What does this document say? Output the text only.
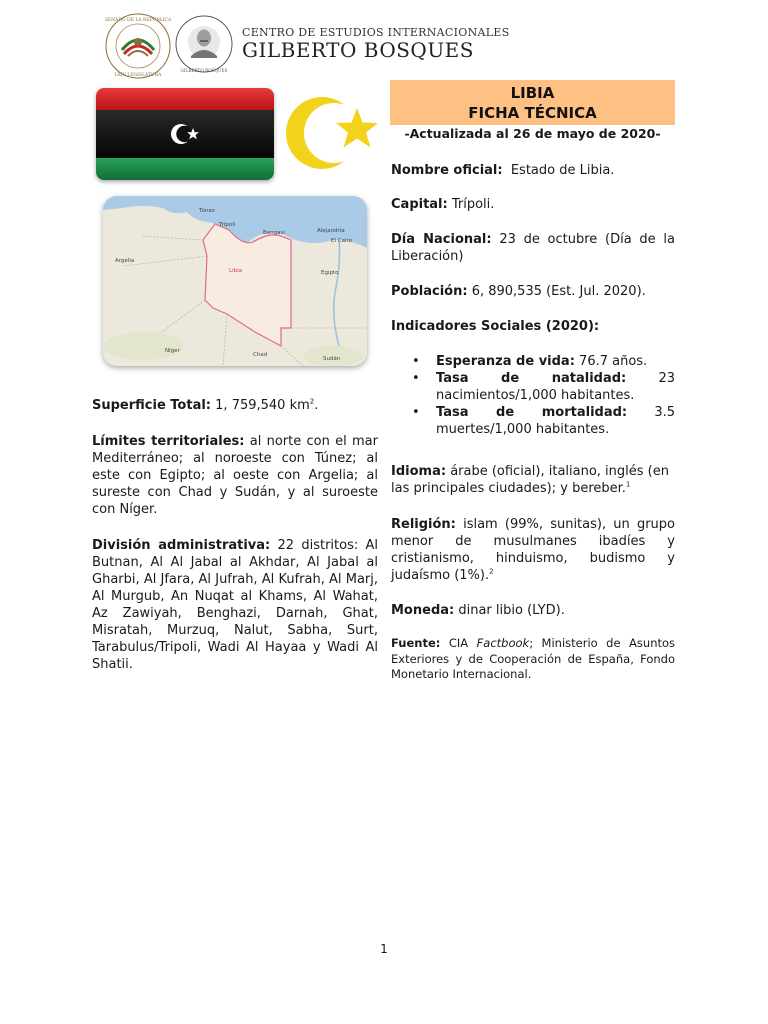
SENADO DE LA REPÚBLICA
LXIV LEGISLATURA
GILBERTO BOSQUES
CENTRO DE ESTUDIOS INTERNACIONALES
GILBERTO BOSQUES
Túnez
Trípoli
Bengasi	Alejandría
El Cairo
Argelia
Libia	Egipto
Níger
Chad
Sudán
LIBIA
FICHA TÉCNICA
-Actualizada al 26 de mayo de 2020-
Nombre oficial: Estado de Libia.
Capital: Trípoli.
Día Nacional: 23 de octubre (Día de la Liberación)
Población: 6, 890,535 (Est. Jul. 2020).
Indicadores Sociales (2020):
• Esperanza de vida: 76.7 años.
• Tasa de natalidad: 23 nacimientos/1,000 habitantes.
• Tasa de mortalidad: 3.5 muertes/1,000 habitantes.
Idioma: árabe (oficial), italiano, inglés (en las principales ciudades); y bereber.$^1$
Religión: islam (99%, sunitas), un grupo menor de musulmanes ibadíes y cristianismo, hinduismo, budismo y judaísmo (1%).$^2$
Moneda: dinar libio (LYD).
Fuente: CIA Factbook; Ministerio de Asuntos Exteriores y de Cooperación de España, Fondo Monetario Internacional.
Superficie Total: 1, 759,540 $km^2$.
Límites territoriales: al norte con el mar Mediterráneo; al noroeste con Túnez; al este con Egipto; al oeste con Argelia; al sureste con Chad y Sudán, y al suroeste con Níger.
División administrativa: 22 distritos: Al Butnan, Al Al Jabal al Akhdar, Al Jabal al Gharbi, Al Jfara, Al Jufrah, Al Kufrah, Al Marj, Al Murgub, An Nuqat al Khams, Al Wahat, Az Zawiyah, Benghazi, Darnah, Ghat, Misratah, Murzuq, Nalut, Sabha, Surt, Tarabulus/Tripoli, Wadi Al Hayaa y Wadi Al Shatii.
1
